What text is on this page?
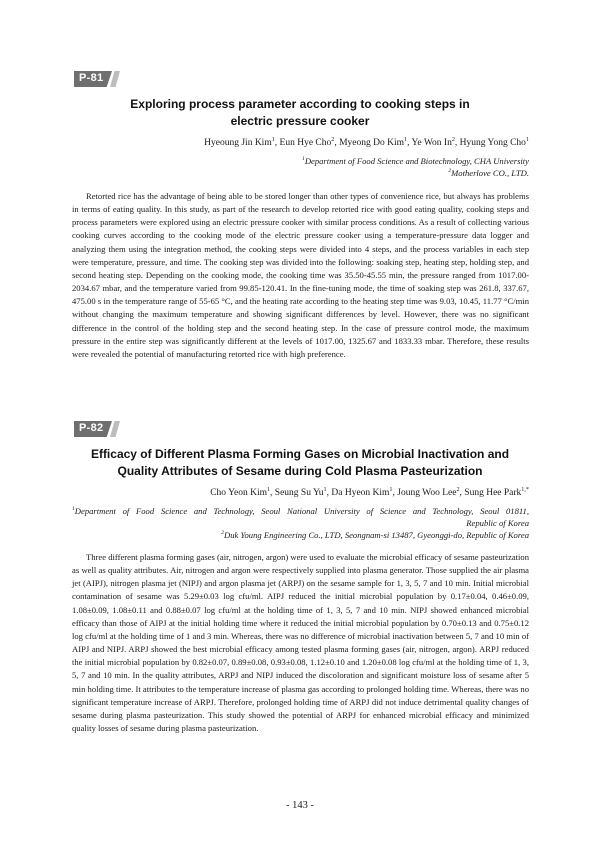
P-81
Exploring process parameter according to cooking steps in
electric pressure cooker
Hyeoung Jin Kim$^1$, Eun Hye Cho$^2$, Myeong Do Kim$^1$, Ye Won In$^2$, Hyung Yong Cho$^1$
$^1$Department of Food Science and Biotechnology, CHA University
$^2$Motherlove CO., LTD.

Retorted rice has the advantage of being able to be stored longer than other types of convenience rice, but always has problems in terms of eating quality. In this study, as part of the research to develop retorted rice with good eating quality, cooking steps and process parameters were explored using an electric pressure cooker with similar process conditions. As a result of collecting various cooking curves according to the cooking mode of the electric pressure cooker using a temperature-pressure data logger and analyzing them using the integration method, the cooking steps were divided into 4 steps, and the process variables in each step were temperature, pressure, and time. The cooking step was divided into the following: soaking step, heating step, holding step, and second heating step. Depending on the cooking mode, the cooking time was 35.50-45.55 min, the pressure ranged from 1017.00-2034.67 mbar, and the temperature varied from 99.85-120.41. In the fine-tuning mode, the time of soaking step was 261.8, 337.67, 475.00 s in the temperature range of 55-65 °C, and the heating rate according to the heating step time was 9.03, 10.45, 11.77 °C/min without changing the maximum temperature and showing significant differences by level. However, there was no significant difference in the control of the holding step and the second heating step. In the case of pressure control mode, the maximum pressure in the entire step was significantly different at the levels of 1017.00, 1325.67 and 1833.33 mbar. Therefore, these results were revealed the potential of manufacturing retorted rice with high preference.

P-82
Efficacy of Different Plasma Forming Gases on Microbial Inactivation and
Quality Attributes of Sesame during Cold Plasma Pasteurization
Cho Yeon Kim$^1$, Seung Su Yu$^1$, Da Hyeon Kim$^1$, Joung Woo Lee$^2$, Sung Hee Park$^{1,*}$
$^1$Department of Food Science and Technology, Seoul National University of Science and Technology, Seoul 01811,
Republic of Korea
$^2$Duk Young Engineering Co., LTD, Seongnam-si 13487, Gyeonggi-do, Republic of Korea

Three different plasma forming gases (air, nitrogen, argon) were used to evaluate the microbial efficacy of sesame pasteurization as well as quality attributes. Air, nitrogen and argon were respectively supplied into plasma generator. Those supplied the air plasma jet (AIPJ), nitrogen plasma jet (NIPJ) and argon plasma jet (ARPJ) on the sesame sample for 1, 3, 5, 7 and 10 min. Initial microbial contamination of sesame was 5.29±0.03 log cfu/ml. AIPJ reduced the initial microbial population by 0.17±0.04, 0.46±0.09, 1.08±0.09, 1.08±0.11 and 0.88±0.07 log cfu/ml at the holding time of 1, 3, 5, 7 and 10 min. NIPJ showed enhanced microbial efficacy than those of AIPJ at the initial holding time where it reduced the initial microbial population by 0.70±0.13 and 0.75±0.12 log cfu/ml at the holding time of 1 and 3 min. Whereas, there was no difference of microbial inactivation between 5, 7 and 10 min of AIPJ and NIPJ. ARPJ showed the best microbial efficacy among tested plasma forming gases (air, nitrogen, argon). ARPJ reduced the initial microbial population by 0.82±0.07, 0.89±0.08, 0.93±0.08, 1.12±0.10 and 1.20±0.08 log cfu/ml at the holding time of 1, 3, 5, 7 and 10 min. In the quality attributes, ARPJ and NIPJ induced the discoloration and significant moisture loss of sesame after 5 min holding time. It attributes to the temperature increase of plasma gas according to prolonged holding time. Whereas, there was no significant temperature increase of ARPJ. Therefore, prolonged holding time of ARPJ did not induce detrimental quality changes of sesame during plasma pasteurization. This study showed the potential of ARPJ for enhanced microbial efficacy and minimized quality losses of sesame during plasma pasteurization.

- 143 -
